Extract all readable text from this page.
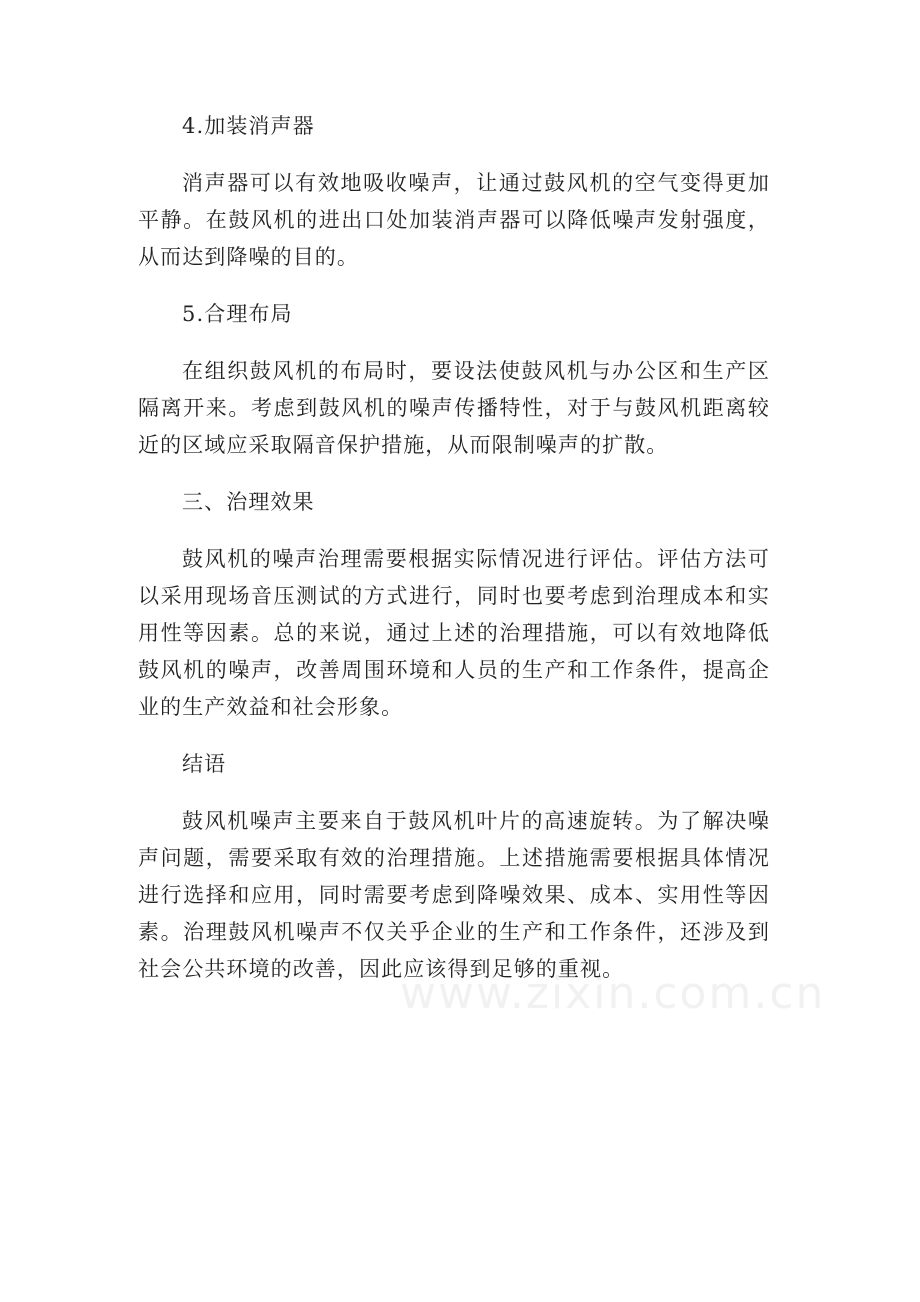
4.加装消声器

消声器可以有效地吸收噪声，让通过鼓风机的空气变得更加平静。在鼓风机的进出口处加装消声器可以降低噪声发射强度，从而达到降噪的目的。

5.合理布局

在组织鼓风机的布局时，要设法使鼓风机与办公区和生产区隔离开来。考虑到鼓风机的噪声传播特性，对于与鼓风机距离较近的区域应采取隔音保护措施，从而限制噪声的扩散。

三、治理效果

鼓风机的噪声治理需要根据实际情况进行评估。评估方法可以采用现场音压测试的方式进行，同时也要考虑到治理成本和实用性等因素。总的来说，通过上述的治理措施，可以有效地降低鼓风机的噪声，改善周围环境和人员的生产和工作条件，提高企业的生产效益和社会形象。

结语

鼓风机噪声主要来自于鼓风机叶片的高速旋转。为了解决噪声问题，需要采取有效的治理措施。上述措施需要根据具体情况进行选择和应用，同时需要考虑到降噪效果、成本、实用性等因素。治理鼓风机噪声不仅关乎企业的生产和工作条件，还涉及到社会公共环境的改善，因此应该得到足够的重视。

www.zixin.com.cn
